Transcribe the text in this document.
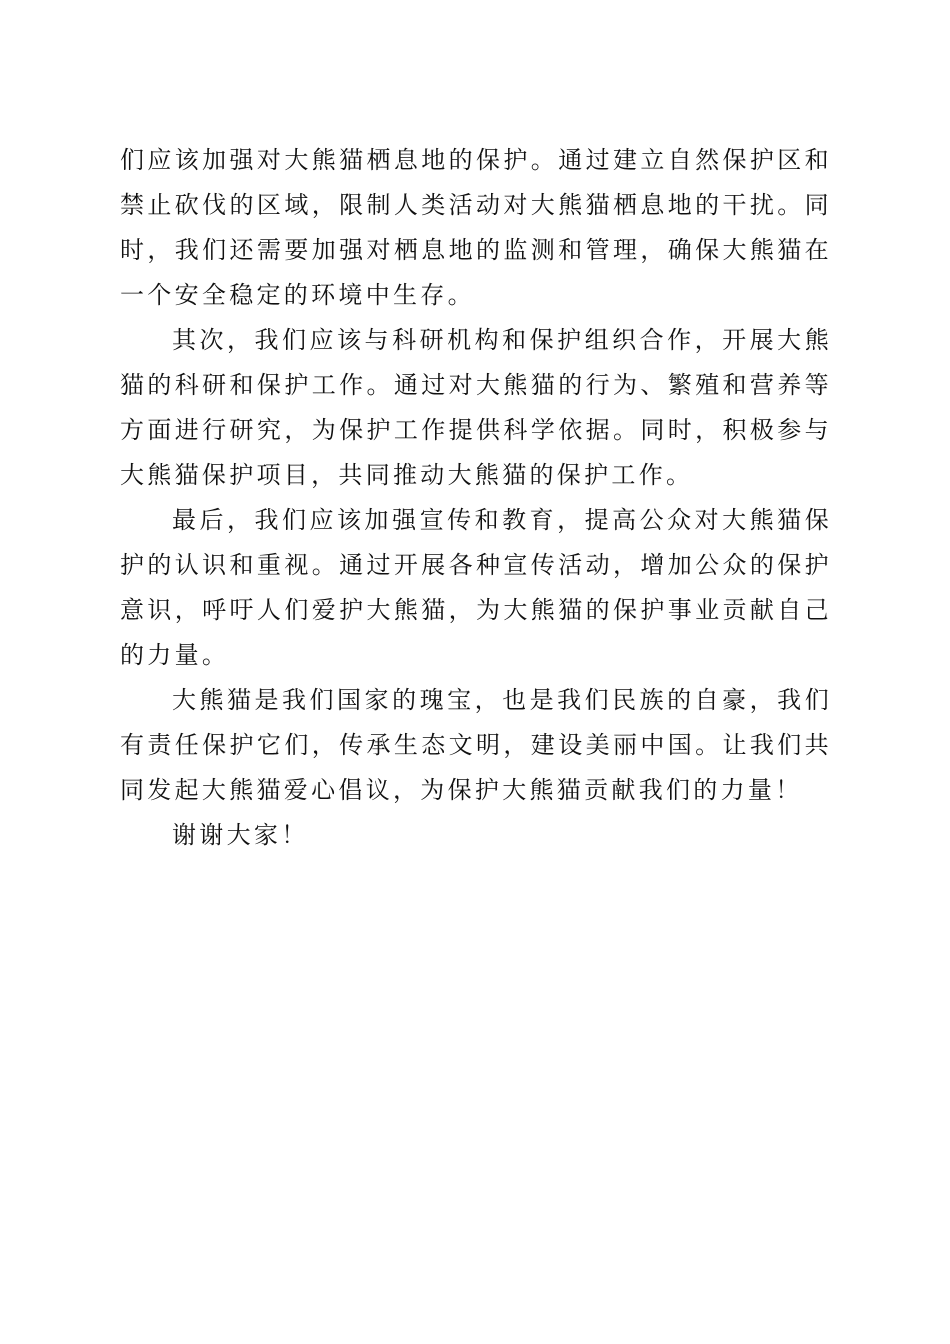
们应该加强对大熊猫栖息地的保护。通过建立自然保护区和禁止砍伐的区域，限制人类活动对大熊猫栖息地的干扰。同时，我们还需要加强对栖息地的监测和管理，确保大熊猫在一个安全稳定的环境中生存。

其次，我们应该与科研机构和保护组织合作，开展大熊猫的科研和保护工作。通过对大熊猫的行为、繁殖和营养等方面进行研究，为保护工作提供科学依据。同时，积极参与大熊猫保护项目，共同推动大熊猫的保护工作。

最后，我们应该加强宣传和教育，提高公众对大熊猫保护的认识和重视。通过开展各种宣传活动，增加公众的保护意识，呼吁人们爱护大熊猫，为大熊猫的保护事业贡献自己的力量。

大熊猫是我们国家的瑰宝，也是我们民族的自豪，我们有责任保护它们，传承生态文明，建设美丽中国。让我们共同发起大熊猫爱心倡议，为保护大熊猫贡献我们的力量！

谢谢大家！
